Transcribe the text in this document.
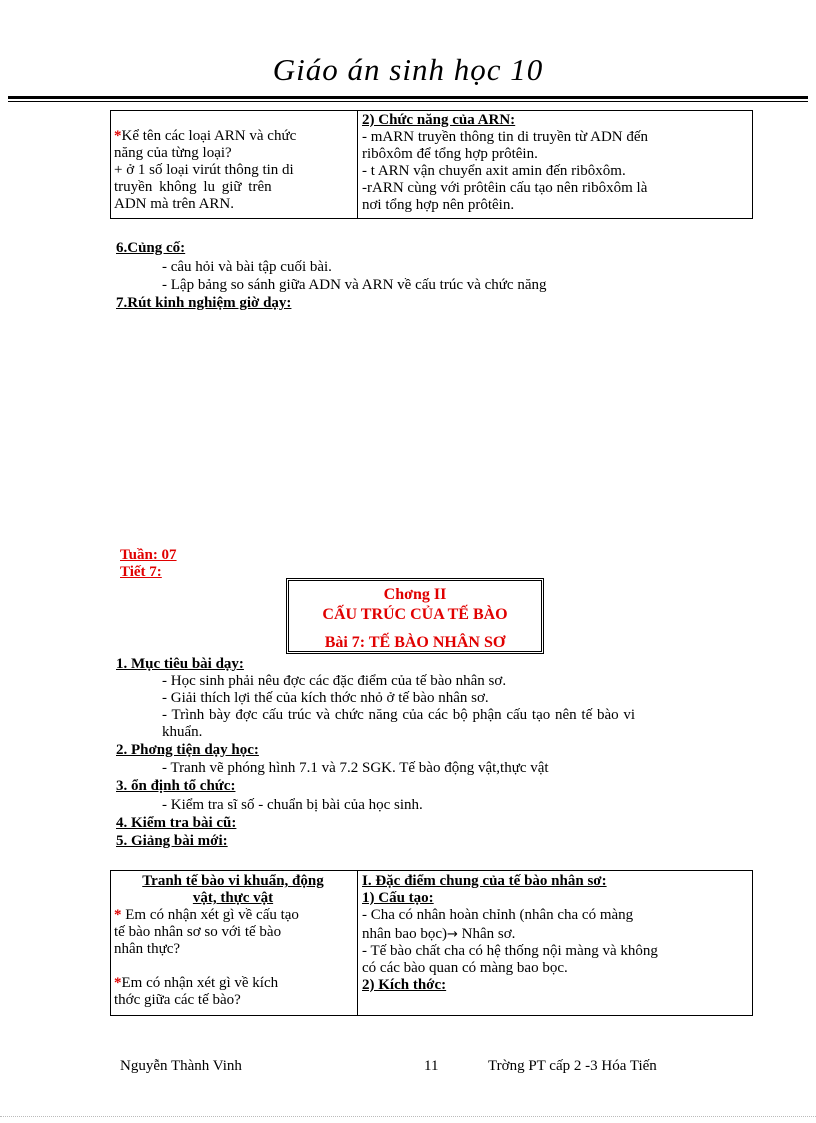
Giáo án sinh học 10
*Kể tên các loại ARN và chức
năng của từng loại?
+ ở 1 số loại virút thông tin di
truyền không lu giữ trên
ADN mà trên ARN.
2) Chức năng của ARN:
- mARN truyền thông tin di truyền từ ADN đến
ribôxôm để tổng hợp prôtêin.
- t ARN vận chuyển axit amin đến ribôxôm.
-rARN cùng với prôtêin cấu tạo nên ribôxôm là
nơi tổng hợp nên prôtêin.
6.Củng cố:
- câu hỏi và bài tập cuối bài.
- Lập bảng so sánh giữa ADN và ARN về cấu trúc và chức năng
7.Rút kinh nghiệm giờ dạy:
Tuần: 07
Tiết 7:
Chơng II
CẤU TRÚC CỦA TẾ BÀO
Bài 7: TẾ BÀO NHÂN SƠ
1. Mục tiêu bài dạy:
- Học sinh phải nêu đợc các đặc điểm của tế bào nhân sơ.
- Giải thích lợi thế của kích thớc nhỏ ở tế bào nhân sơ.
- Trình bày đợc cấu trúc và chức năng của các bộ phận cấu tạo nên tế bào vi
khuẩn.
2. Phơng tiện dạy học:
- Tranh vẽ phóng hình 7.1 và 7.2 SGK. Tế bào động vật,thực vật
3. ổn định tổ chức:
- Kiểm tra sĩ số - chuẩn bị bài của học sinh.
4. Kiểm tra bài cũ:
5. Giảng bài mới:
Tranh tế bào vi khuẩn, động
vật, thực vật
* Em có nhận xét gì về cấu tạo
tế bào nhân sơ so với tế bào
nhân thực?
*Em có nhận xét gì về kích
thớc giữa các tế bào?
I. Đặc điểm chung của tế bào nhân sơ:
1) Cấu tạo:
- Cha có nhân hoàn chỉnh (nhân cha có màng
nhân bao bọc)→ Nhân sơ.
- Tế bào chất cha có hệ thống nội màng và không
có các bào quan có màng bao bọc.
2) Kích thớc:
Nguyễn Thành Vinh	11	Trờng PT cấp 2 -3 Hóa Tiến
